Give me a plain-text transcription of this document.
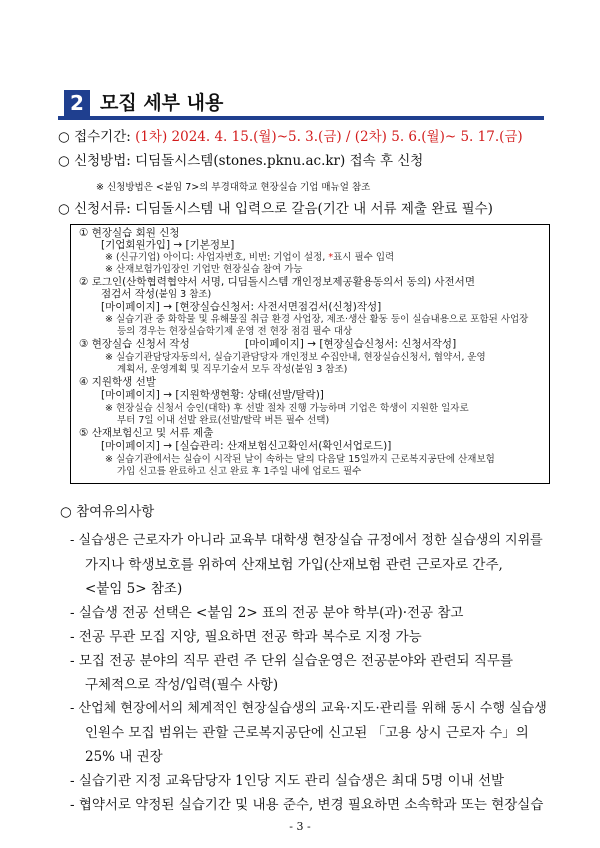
2 모집 세부 내용
○ 접수기간: (1차) 2024. 4. 15.(월)~5. 3.(금) / (2차) 5. 6.(월)~ 5. 17.(금)
○ 신청방법: 디딤돌시스템(stones.pknu.ac.kr) 접속 후 신청
※ 신청방법은 <붙임 7>의 부경대학교 현장실습 기업 매뉴얼 참조
○ 신청서류: 디딤돌시스템 내 입력으로 갈음(기간 내 서류 제출 완료 필수)
① 현장실습 회원 신청
[기업회원가입] → [기본정보]
※ (신규기업) 아이디: 사업자번호, 비번: 기업이 설정, *표시 필수 입력
※ 산재보험가입장인 기업만 현장실습 참여 가능
② 로그인(산학협력협약서 서명, 디딤돌시스템 개인정보제공활용동의서 동의) 사전서면
점검서 작성(붙임 3 참조)
[마이페이지] → [현장실습신청서: 사전서면점검서(신청)작성]
※ 실습기관 중 화학물 및 유해물질 취급 환경 사업장, 제조·생산 활동 등이 실습내용으로 포함된 사업장
등의 경우는 현장실습학기제 운영 전 현장 점검 필수 대상
③ 현장실습 신청서 작성	[마이페이지] → [현장실습신청서: 신청서작성]
※ 실습기관담당자동의서, 실습기관담당자 개인정보 수집안내, 현장실습신청서, 협약서, 운영
계획서, 운영계획 및 직무기술서 모두 작성(붙임 3 참조)
④ 지원학생 선발
[마이페이지] → [지원학생현황: 상태(선발/탈락)]
※ 현장실습 신청서 승인(대학) 후 선발 절차 진행 가능하며 기업은 학생이 지원한 일자로
부터 7일 이내 선발 완료(선발/탈락 버튼 필수 선택)
⑤ 산재보험신고 및 서류 제출
[마이페이지] → [실습관리: 산재보험신고확인서(확인서업로드)]
※ 실습기관에서는 실습이 시작된 날이 속하는 달의 다음달 15일까지 근로복지공단에 산재보험
가입 신고를 완료하고 신고 완료 후 1주일 내에 업로드 필수
○ 참여유의사항
- 실습생은 근로자가 아니라 교육부 대학생 현장실습 규정에서 정한 실습생의 지위를
가지나 학생보호를 위하여 산재보험 가입(산재보험 관련 근로자로 간주,
<붙임 5> 참조)
- 실습생 전공 선택은 <붙임 2> 표의 전공 분야 학부(과)·전공 참고
- 전공 무관 모집 지양, 필요하면 전공 학과 복수로 지정 가능
- 모집 전공 분야의 직무 관련 주 단위 실습운영은 전공분야와 관련되 직무를
구체적으로 작성/입력(필수 사항)
- 산업체 현장에서의 체계적인 현장실습생의 교육·지도·관리를 위해 동시 수행 실습생
인원수 모집 범위는 관할 근로복지공단에 신고된 「고용 상시 근로자 수」의
25% 내 권장
- 실습기관 지정 교육담당자 1인당 지도 관리 실습생은 최대 5명 이내 선발
- 협약서로 약정된 실습기간 및 내용 준수, 변경 필요하면 소속학과 또는 현장실습
- 3 -
